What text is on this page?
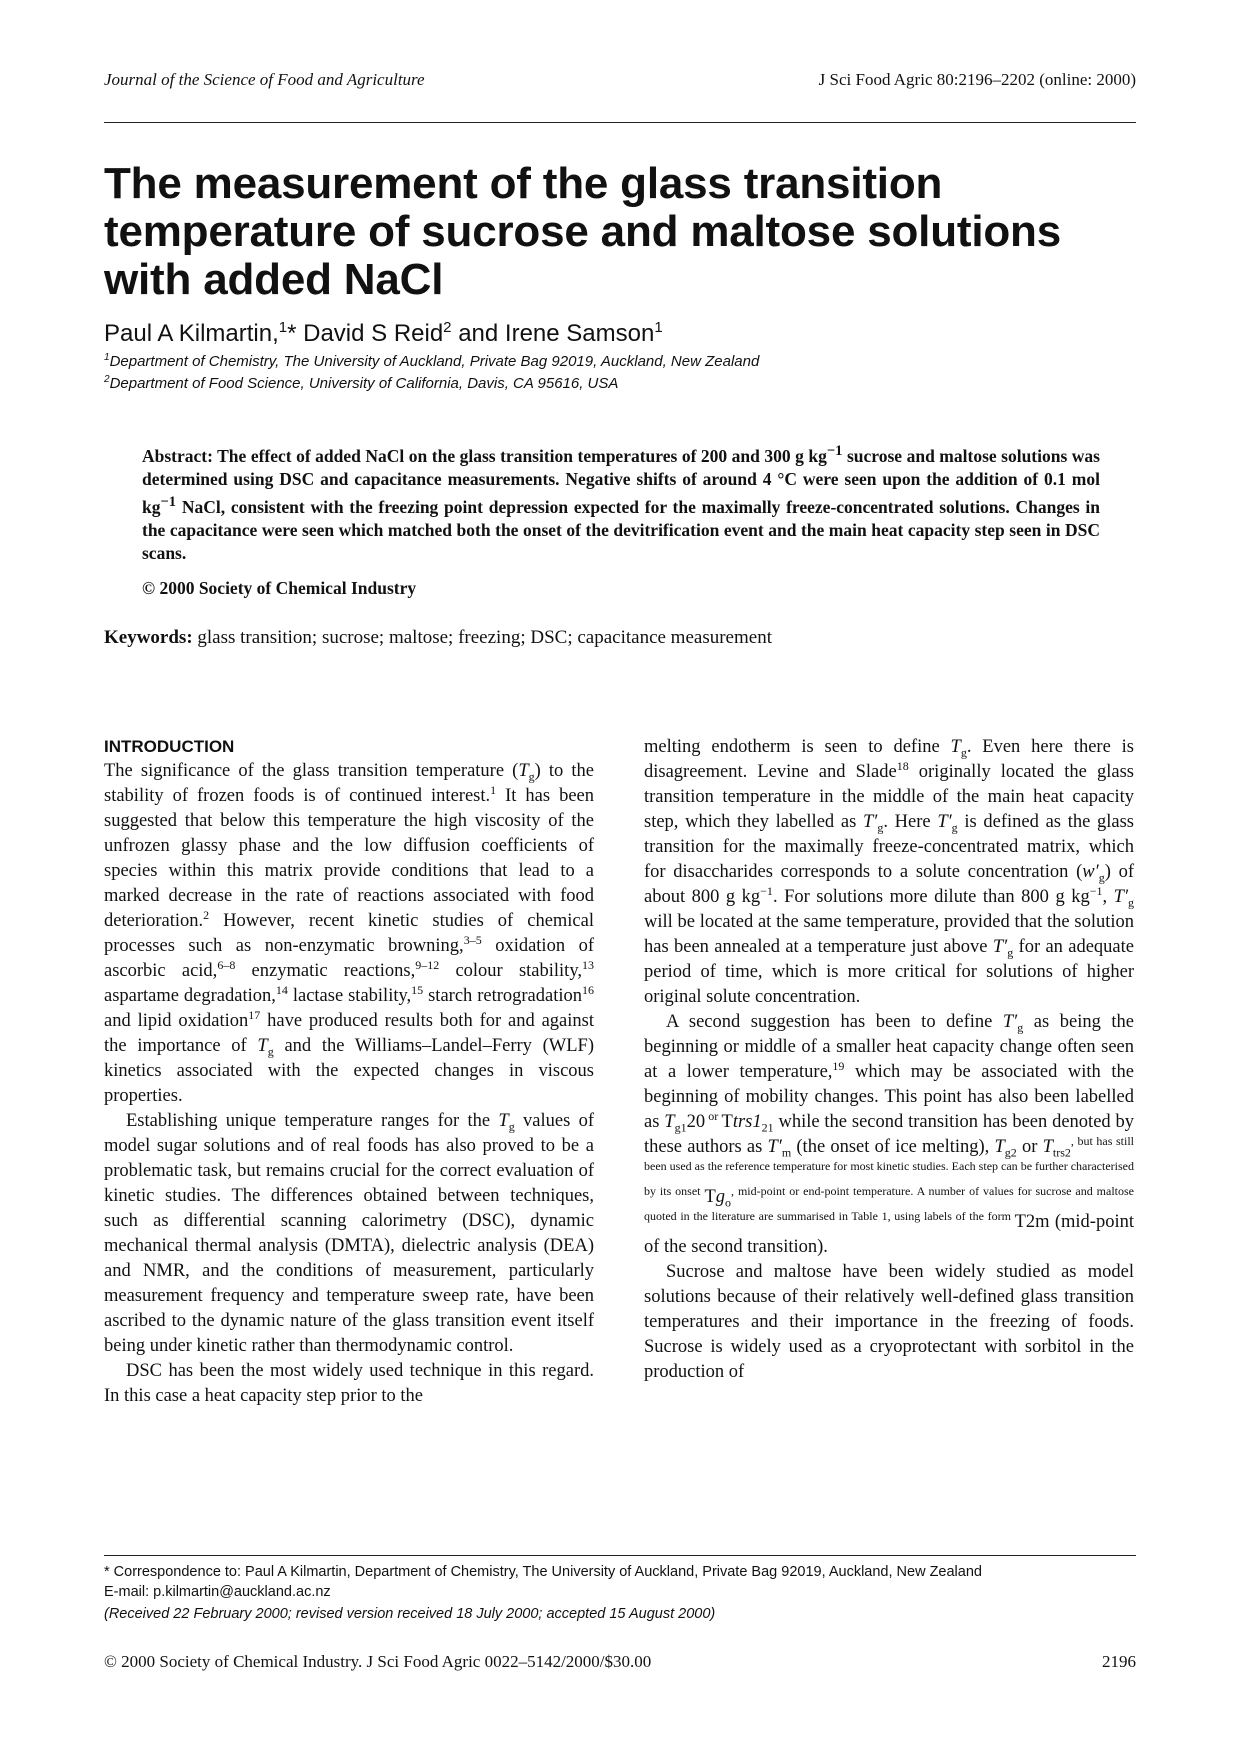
Journal of the Science of Food and Agriculture	J Sci Food Agric 80:2196–2202 (online: 2000)
The measurement of the glass transition temperature of sucrose and maltose solutions with added NaCl
Paul A Kilmartin,$^1$* David S Reid$^2$ and Irene Samson$^1$
$^1$Department of Chemistry, The University of Auckland, Private Bag 92019, Auckland, New Zealand
$^2$Department of Food Science, University of California, Davis, CA 95616, USA
Abstract: The effect of added NaCl on the glass transition temperatures of 200 and 300 g $kg^{-1}$ sucrose and maltose solutions was determined using DSC and capacitance measurements. Negative shifts of around 4 °C were seen upon the addition of 0.1 mol $kg^{-1}$ NaCl, consistent with the freezing point depression expected for the maximally freeze-concentrated solutions. Changes in the capacitance were seen which matched both the onset of the devitrification event and the main heat capacity step seen in DSC scans.
© 2000 Society of Chemical Industry
Keywords: glass transition; sucrose; maltose; freezing; DSC; capacitance measurement
INTRODUCTION

The significance of the glass transition temperature $(T_g)$ to the stability of frozen foods is of continued interest.$^1$ It has been suggested that below this temperature the high viscosity of the unfrozen glassy phase and the low diffusion coefficients of species within this matrix provide conditions that lead to a marked decrease in the rate of reactions associated with food deterioration.$^2$ However, recent kinetic studies of chemical processes such as non-enzymatic browning,$^{3-5}$ oxidation of ascorbic acid,$^{6-8}$ enzymatic reactions,$^{9-12}$ colour stability,$^{13}$ aspartame degradation,$^{14}$ lactase stability,$^{15}$ starch retrogradation$^{16}$ and lipid oxidation$^{17}$ have produced results both for and against the importance of $T_g$ and the Williams–Landel–Ferry (WLF) kinetics associated with the expected changes in viscous properties.

Establishing unique temperature ranges for the $T_g$ values of model sugar solutions and of real foods has also proved to be a problematic task, but remains crucial for the correct evaluation of kinetic studies. The differences obtained between techniques, such as differential scanning calorimetry (DSC), dynamic mechanical thermal analysis (DMTA), dielectric analysis (DEA) and NMR, and the conditions of measurement, particularly measurement frequency and temperature sweep rate, have been ascribed to the dynamic nature of the glass transition event itself being under kinetic rather than thermodynamic control.

DSC has been the most widely used technique in this regard. In this case a heat capacity step prior to the

melting endotherm is seen to define $T_g$. Even here there is disagreement. Levine and Slade$^{18}$ originally located the glass transition temperature in the middle of the main heat capacity step, which they labelled as $T'_g$. Here $T'_g$ is defined as the glass transition for the maximally freeze-concentrated matrix, which for disaccharides corresponds to a solute concentration $(w'_g)$ of about 800 g $kg^{-1}$. For solutions more dilute than 800 g $kg^{-1}$, $T'_g$ will be located at the same temperature, provided that the solution has been annealed at a temperature just above $T'_g$ for an adequate period of time, which is more critical for solutions of higher original solute concentration.

A second suggestion has been to define $T'_g$ as being the beginning or middle of a smaller heat capacity change often seen at a lower temperature,$^{19}$ which may be associated with the beginning of mobility changes. This point has also been labelled as $T_{g1}20$ $^{or}$ $Ttrs1_{21}$ while the second transition has been denoted by these authors as $T'_m$ (the onset of ice melting), $T_{g2}$ or $T_{trs2}^{, but has still been used as the reference temperature for most kinetic studies. Each step can be further characterised by its onset}$ $Tg_o^{, mid-point or end-point temperature. A number of values for sucrose and maltose quoted in the literature are summarised in Table 1, using labels of the form}$ T2m (mid-point of the second transition).

Sucrose and maltose have been widely studied as model solutions because of their relatively well-defined glass transition temperatures and their importance in the freezing of foods. Sucrose is widely used as a cryoprotectant with sorbitol in the production of

* Correspondence to: Paul A Kilmartin, Department of Chemistry, The University of Auckland, Private Bag 92019, Auckland, New Zealand
E-mail: p.kilmartin@auckland.ac.nz
(Received 22 February 2000; revised version received 18 July 2000; accepted 15 August 2000)
© 2000 Society of Chemical Industry. J Sci Food Agric 0022–5142/2000/$30.00	2196
